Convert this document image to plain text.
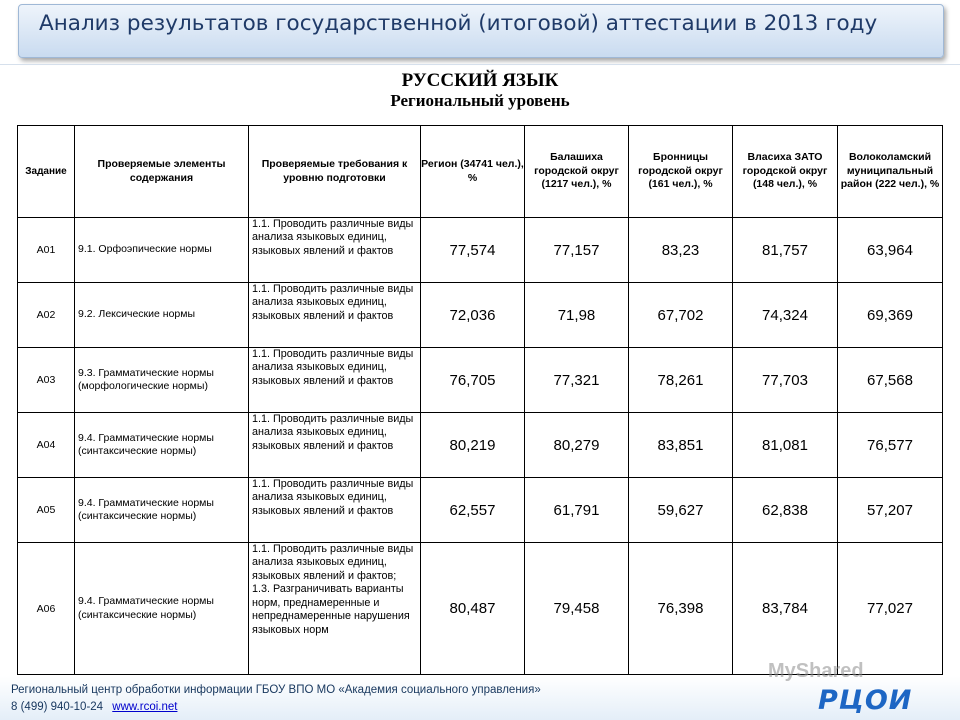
Анализ результатов государственной (итоговой) аттестации в 2013 году
РУССКИЙ ЯЗЫК
Региональный уровень
Задание	Проверяемые элементы содержания	Проверяемые требования к уровню подготовки	Регион (34741 чел.), %	Балашиха городской округ (1217 чел.), %	Бронницы городской округ (161 чел.), %	Власиха ЗАТО городской округ (148 чел.), %	Волоколамский муниципальный район (222 чел.), %
А01	9.1. Орфоэпические нормы	1.1. Проводить различные виды анализа языковых единиц, языковых явлений и фактов	77,574	77,157	83,23	81,757	63,964
А02	9.2. Лексические нормы	1.1. Проводить различные виды анализа языковых единиц, языковых явлений и фактов	72,036	71,98	67,702	74,324	69,369
А03	9.3. Грамматические нормы (морфологические нормы)	1.1. Проводить различные виды анализа языковых единиц, языковых явлений и фактов	76,705	77,321	78,261	77,703	67,568
А04	9.4. Грамматические нормы (синтаксические нормы)	1.1. Проводить различные виды анализа языковых единиц, языковых явлений и фактов	80,219	80,279	83,851	81,081	76,577
А05	9.4. Грамматические нормы (синтаксические нормы)	1.1. Проводить различные виды анализа языковых единиц, языковых явлений и фактов	62,557	61,791	59,627	62,838	57,207
А06	9.4. Грамматические нормы (синтаксические нормы)	1.1. Проводить различные виды анализа языковых единиц, языковых явлений и фактов; 1.3. Разграничивать варианты норм, преднамеренные и непреднамеренные нарушения языковых норм	80,487	79,458	76,398	83,784	77,027
Региональный центр обработки информации ГБОУ ВПО МО «Академия социального управления»
8 (499) 940-10-24 www.rcoi.net
MyShared
РЦОИ
